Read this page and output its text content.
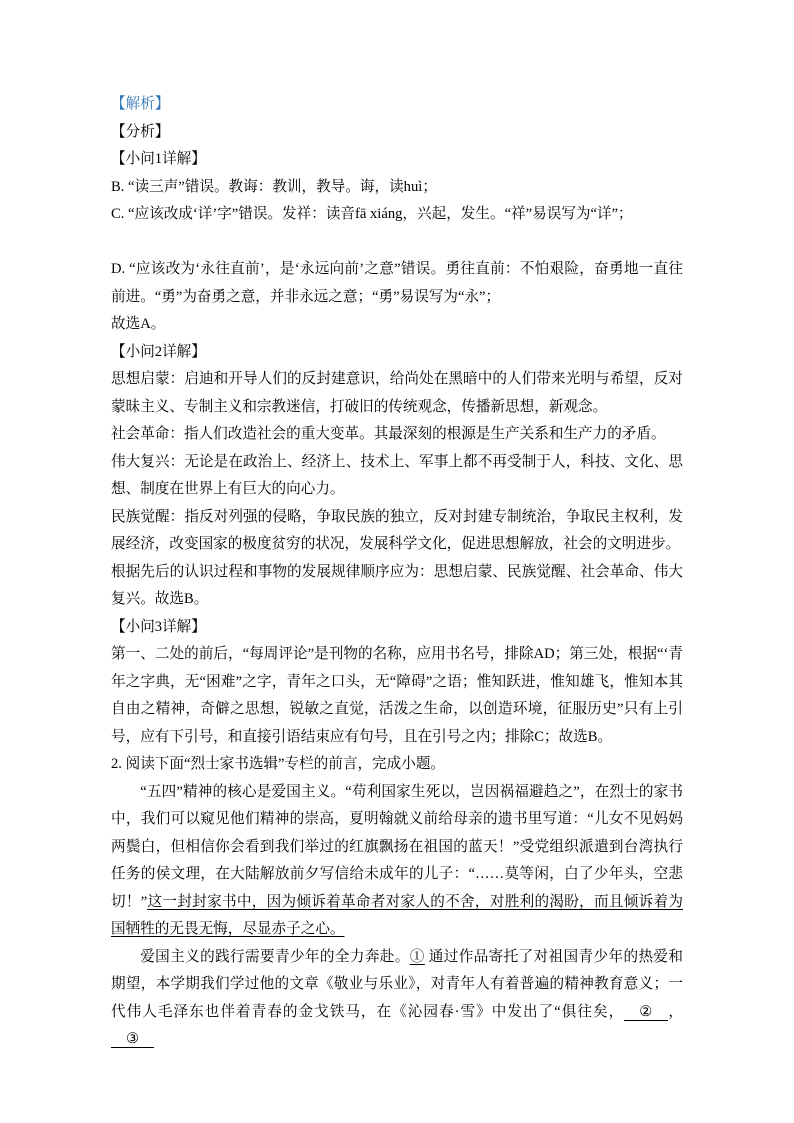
【解析】

【分析】

【小问1详解】

B. “读三声”错误。教诲：教训，教导。诲，读huì；

C. “应该改成‘详’字”错误。发祥：读音fā xiáng，兴起，发生。“祥”易误写为“详”；

D. “应该改为‘永往直前’，是‘永远向前’之意”错误。勇往直前：不怕艰险，奋勇地一直往前进。“勇”为奋勇之意，并非永远之意；“勇”易误写为“永”；

故选A。

【小问2详解】

思想启蒙：启迪和开导人们的反封建意识，给尚处在黑暗中的人们带来光明与希望，反对蒙昧主义、专制主义和宗教迷信，打破旧的传统观念，传播新思想，新观念。

社会革命：指人们改造社会的重大变革。其最深刻的根源是生产关系和生产力的矛盾。

伟大复兴：无论是在政治上、经济上、技术上、军事上都不再受制于人，科技、文化、思想、制度在世界上有巨大的向心力。

民族觉醒：指反对列强的侵略，争取民族的独立，反对封建专制统治，争取民主权利，发展经济，改变国家的极度贫穷的状况，发展科学文化，促进思想解放，社会的文明进步。

根据先后的认识过程和事物的发展规律顺序应为：思想启蒙、民族觉醒、社会革命、伟大复兴。故选B。

【小问3详解】

第一、二处的前后，“每周评论”是刊物的名称，应用书名号，排除AD；第三处，根据“‘青年之字典，无“困难”之字，青年之口头，无“障碍”之语；惟知跃进，惟知雄飞，惟知本其自由之精神，奇僻之思想，锐敏之直觉，活泼之生命，以创造环境，征服历史”只有上引号，应有下引号，和直接引语结束应有句号，且在引号之内；排除C；故选B。

2. 阅读下面“烈士家书选辑”专栏的前言，完成小题。

“五四”精神的核心是爱国主义。“苟利国家生死以，岂因祸福避趋之”，在烈士的家书中，我们可以窥见他们精神的崇高，夏明翰就义前给母亲的遗书里写道：“儿女不见妈妈两鬓白，但相信你会看到我们举过的红旗飘扬在祖国的蓝天！”受党组织派遣到台湾执行任务的侯文理，在大陆解放前夕写信给未成年的儿子：“……莫等闲，白了少年头，空悲切！”这一封封家书中，因为倾诉着革命者对家人的不舍，对胜利的渴盼，而且倾诉着为国牺牲的无畏无悔，尽显赤子之心。

爱国主义的践行需要青少年的全力奔赴。① 通过作品寄托了对祖国青少年的热爱和期望，本学期我们学过他的文章《敬业与乐业》，对青年人有着普遍的精神教育意义；一代伟人毛泽东也伴着青春的金戈铁马，在《沁园春·雪》中发出了“俱往矣， ② ，③
